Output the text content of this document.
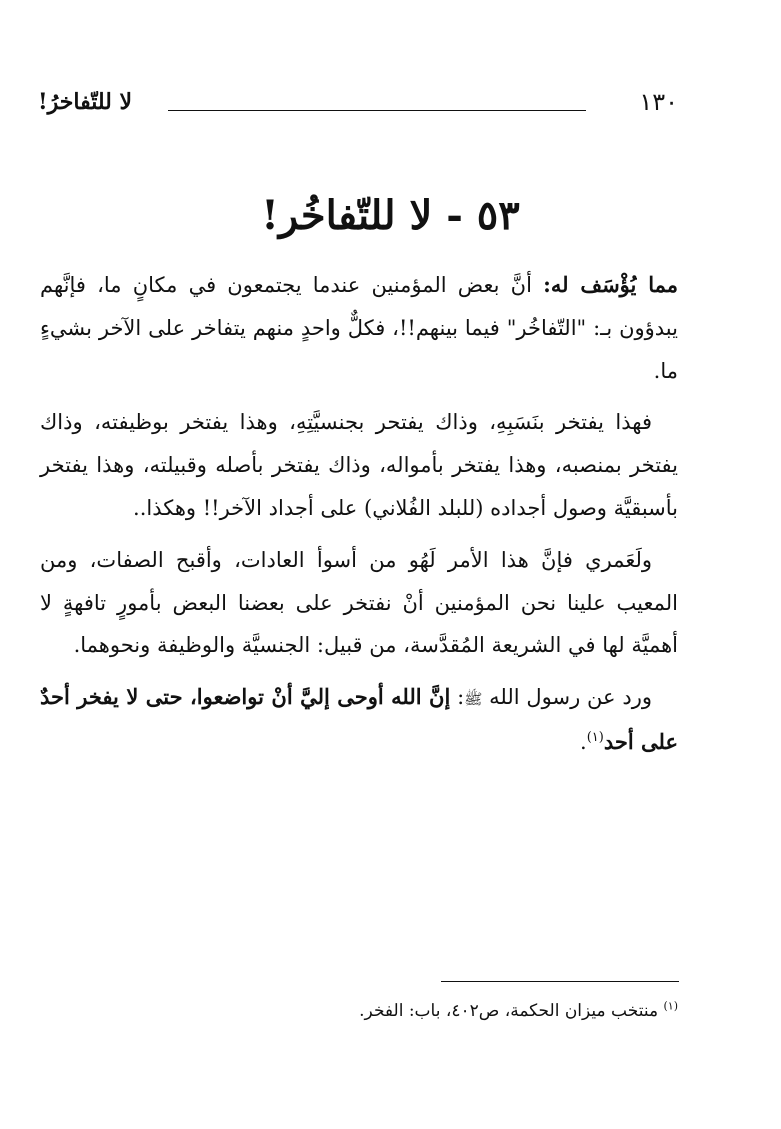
١٣٠
لا للتّفاخرُ!
٥٣ - لا للتّفاخُر!

مما يُؤْسَف له: أنَّ بعض المؤمنين عندما يجتمعون في مكانٍ ما، فإنَّهم يبدؤون بـ: "التّفاخُر" فيما بينهم!!، فكلٌّ واحدٍ منهم يتفاخر على الآخر بشيءٍ ما.

فهذا يفتخر بنَسَبِهِ، وذاك يفتحر بجنسيَّتِهِ، وهذا يفتخر بوظيفته، وذاك يفتخر بمنصبه، وهذا يفتخر بأمواله، وذاك يفتخر بأصله وقبيلته، وهذا يفتخر بأسبقيَّة وصول أجداده (للبلد الفُلاني) على أجداد الآخر!! وهكذا..

ولَعَمري فإنَّ هذا الأمر لَهُو من أسوأ العادات، وأقبح الصفات، ومن المعيب علينا نحن المؤمنين أنْ نفتخر على بعضنا البعض بأمورٍ تافهةٍ لا أهميَّة لها في الشريعة المُقدَّسة، من قبيل: الجنسيَّة والوظيفة ونحوهما.

ورد عن رسول الله ﷺ: إنَّ الله أوحى إليَّ أنْ تواضعوا، حتى لا يفخر أحدٌ على أحد$^{(١)}$.

$^{(١)}$ منتخب ميزان الحكمة، ص٤٠٢، باب: الفخر.
